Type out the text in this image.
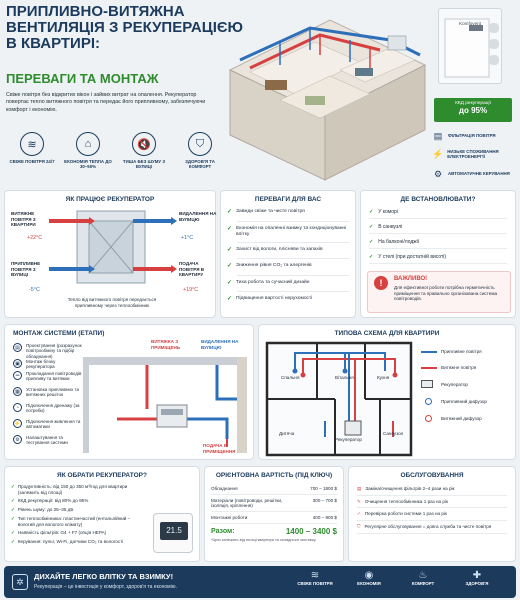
ПРИПЛИВНО-ВИТЯЖНА ВЕНТИЛЯЦІЯ З РЕКУПЕРАЦІЄЮ В КВАРТИРІ:
ПЕРЕВАГИ ТА МОНТАЖ
Свіже повітря без відкритих вікон і зайвих витрат на опалення. Рекуператор повертає тепло витяжного повітря та передає його припливному, забезпечуючи комфорт і економію.
≋
СВІЖЕ ПОВІТРЯ 24/7
⌂
ЕКОНОМІЯ ТЕПЛА ДО 30–50%
🔇
ТИША БЕЗ ШУМУ З ВУЛИЦІ
⛉
ЗДОРОВ'Я ТА КОМФОРТ
Komfovent
ККД рекуперації
до 95%
▤	ФІЛЬТРАЦІЯ ПОВІТРЯ
⚡ НИЗЬКЕ СПОЖИВАННЯ ЕЛЕКТРОЕНЕРГІЇ
⚙	АВТОМАТИЧНЕ КЕРУВАННЯ
ЯК ПРАЦЮЄ РЕКУПЕРАТОР
ВИТЯЖНЕ ПОВІТРЯ З КВАРТИРИ
+22°C
ВИДАЛЕННЯ НА ВУЛИЦЮ
+1°C
ПРИПЛИВНЕ ПОВІТРЯ З ВУЛИЦІ
-5°C
ПОДАЧА ПОВІТРЯ В КВАРТИРУ
+19°C
Тепло від витяжного повітря передається припливному через теплообмінник
ПЕРЕВАГИ ДЛЯ ВАС
✓ Завжди свіже та чисте повітря
✓ Економія на опаленні взимку та кондиціонуванні влітку
✓ Захист від вологи, плісняви та запахів
✓ Зниження рівня CO₂ та алергенів
✓ Тиха робота та сучасний дизайн
✓ Підвищення вартості нерухомості
ДЕ ВСТАНОВЛЮВАТИ?
✓ У коморі
✓ В санвузлі
✓ На балконі/лоджії
✓ У стелі (при достатній висоті)
!	ВАЖЛИВО!
Для ефективної роботи потрібна герметичність приміщення та правильно організована система повітроводів.
МОНТАЖ СИСТЕМИ (ЕТАПИ)
▤	Проектування (розрахунок повітрообміну та підбір обладнання)
▣	Монтаж блоку рекуператора
═	Прокладання повітроводів припливу та витяжки
▦	Установка припливних та витяжних решіток
◔	Підключення дренажу (за потреби)
⚡	Підключення живлення та автоматики
⚙	Налаштування та тестування системи
ВИТЯЖКА З ПРИМІЩЕНЬ
ВИДАЛЕННЯ НА ВУЛИЦЮ
ПОДАЧА В ПРИМІЩЕННЯ
ТИПОВА СХЕМА ДЛЯ КВАРТИРИ
Спальня	Вітальня	Кухня
Дитяча
Рекуператор
Санвузол
Припливне повітря
Витяжне повітря
Рекуператор
Припливний дифузор
Витяжний дифузор
ЯК ОБРАТИ РЕКУПЕРАТОР?
✓ Продуктивність: від 150 до 350 м³/год для квартири (залежить від площі)
✓ ККД рекуперації: від 80% до 95%
✓ Рівень шуму: до 25–35 дБ
✓ Тип теплообмінника: пластинчастий (ентальпійний – вологий для вологого клімату)
✓ Наявність фільтрів: G4 + F7 (опція HEPA)
✓ Керування: пульт, Wi-Fi, датчики CO₂ та вологості
21.5
ОРІЄНТОВНА ВАРТІСТЬ (ПІД КЛЮЧ)
Обладнання	700 – 1800 $
Матеріали (повітроводи, решітки, ізоляція, кріплення)
300 – 700 $
Монтажні роботи	400 – 900 $
Разом:	1400 – 3400 $
*Ціни залежить від площі квартири та складності монтажу
ОБСЛУГОВУВАННЯ
▤ Заміна/очищення фільтрів 2–4 рази на рік
✎ Очищення теплообмінника 1 раз на рік
✓ Перевірка роботи системи 1 раз на рік
⛉ Регулярне обслуговування = довга служба та чисте повітря
✲
ДИХАЙТЕ ЛЕГКО ВЛІТКУ ТА ВЗИМКУ!
Рекуперація – це інвестиція у комфорт, здоров'я та економію.
≋
СВІЖЕ ПОВІТРЯ
◉
ЕКОНОМІЯ
♨
КОМФОРТ
✚
ЗДОРОВ'Я
